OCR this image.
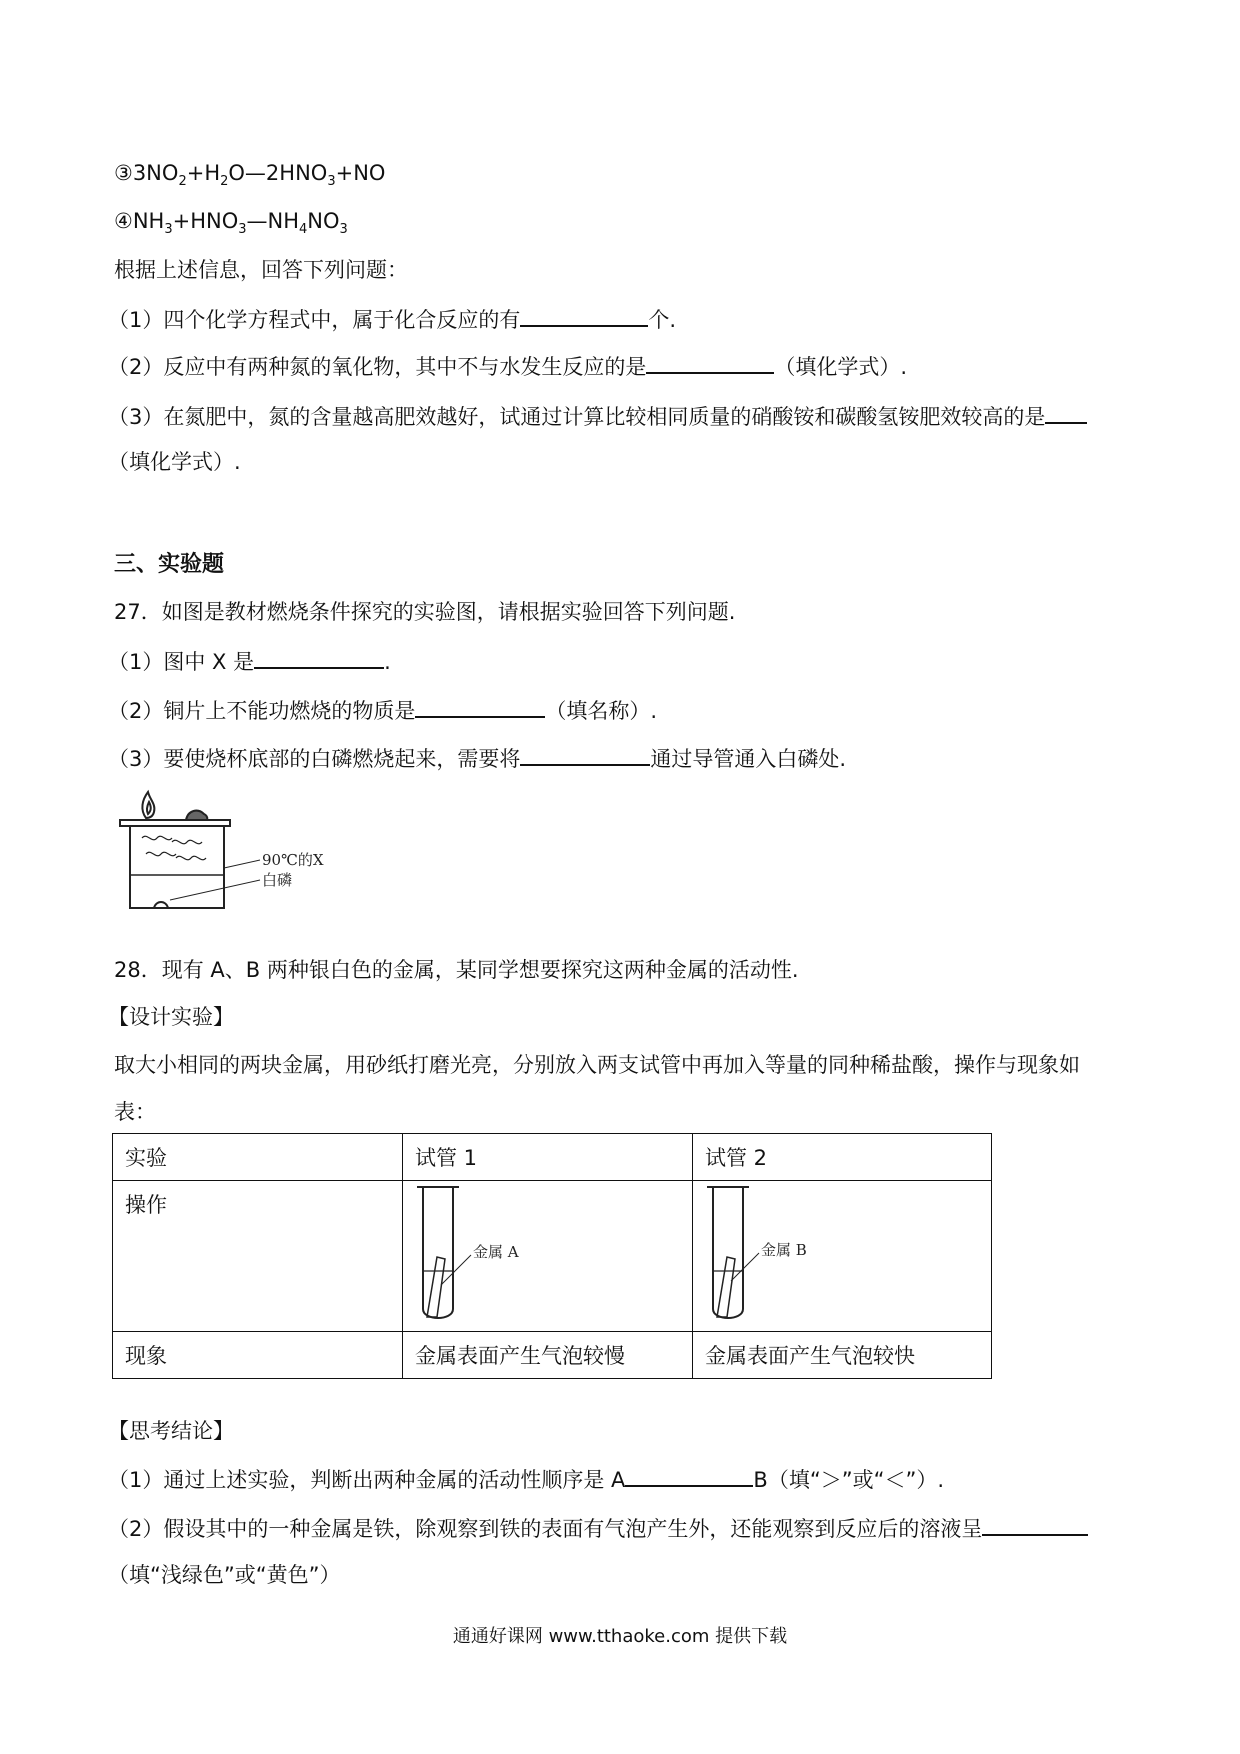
$③3NO_2+H_2O—2HNO_3+NO$
$④NH_3+HNO_3—NH_4NO_3$
根据上述信息，回答下列问题：
（1）四个化学方程式中，属于化合反应的有	个.
（2）反应中有两种氮的氧化物，其中不与水发生反应的是	（填化学式）.
（3）在氮肥中，氮的含量越高肥效越好，试通过计算比较相同质量的硝酸铵和碳酸氢铵肥效较高的是
（填化学式）.
三、实验题
27．如图是教材燃烧条件探究的实验图，请根据实验回答下列问题.
（1）图中 X 是	.
（2）铜片上不能功燃烧的物质是	（填名称）.
（3）要使烧杯底部的白磷燃烧起来，需要将	通过导管通入白磷处.
90℃的X
白磷
28．现有 A、B 两种银白色的金属，某同学想要探究这两种金属的活动性.
【设计实验】
取大小相同的两块金属，用砂纸打磨光亮，分别放入两支试管中再加入等量的同种稀盐酸，操作与现象如
表：
实验	试管 1	试管 2

操作	金属 A	金属 B

现象	金属表面产生气泡较慢	金属表面产生气泡较快
【思考结论】
（1）通过上述实验，判断出两种金属的活动性顺序是 A	B（填“＞”或“＜”）.
（2）假设其中的一种金属是铁，除观察到铁的表面有气泡产生外，还能观察到反应后的溶液呈
（填“浅绿色”或“黄色”）
通通好课网 www.tthaoke.com 提供下载
